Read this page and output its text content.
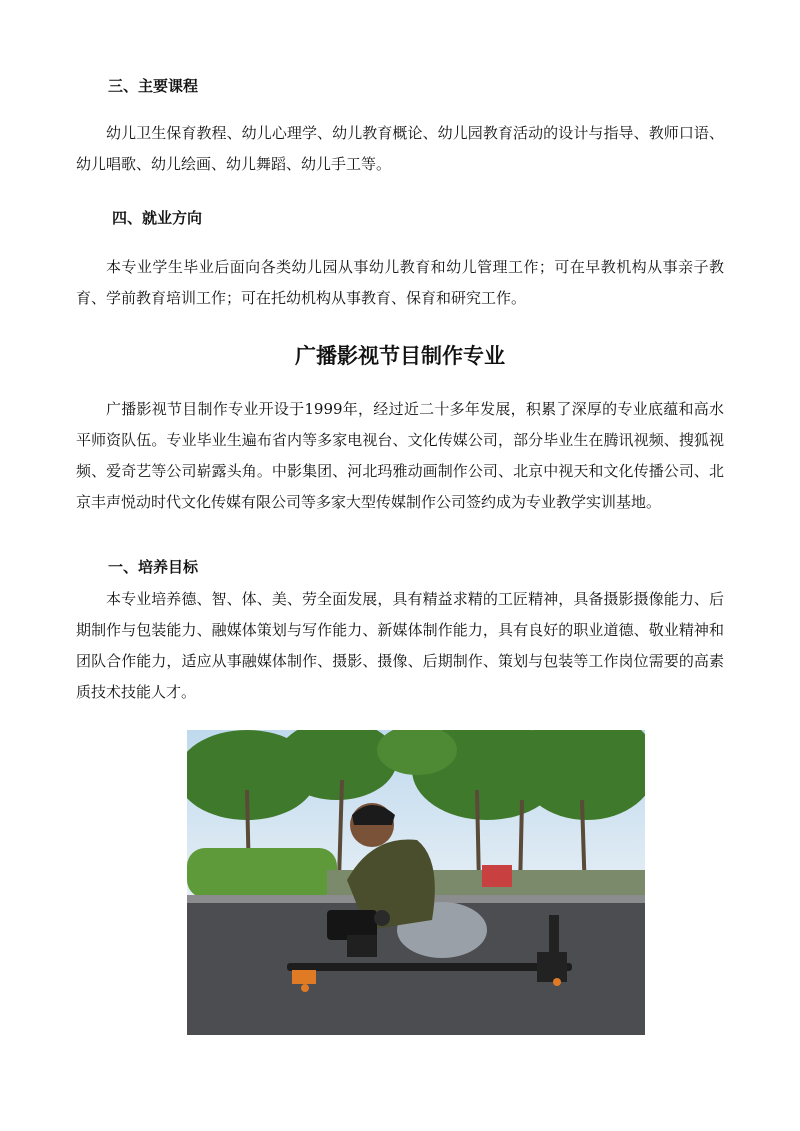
三、主要课程

幼儿卫生保育教程、幼儿心理学、幼儿教育概论、幼儿园教育活动的设计与指导、教师口语、幼儿唱歌、幼儿绘画、幼儿舞蹈、幼儿手工等。

四、就业方向

本专业学生毕业后面向各类幼儿园从事幼儿教育和幼儿管理工作；可在早教机构从事亲子教育、学前教育培训工作；可在托幼机构从事教育、保育和研究工作。

广播影视节目制作专业

广播影视节目制作专业开设于1999年，经过近二十多年发展，积累了深厚的专业底蕴和高水平师资队伍。专业毕业生遍布省内等多家电视台、文化传媒公司，部分毕业生在腾讯视频、搜狐视频、爱奇艺等公司崭露头角。中影集团、河北玛雅动画制作公司、北京中视天和文化传播公司、北京丰声悦动时代文化传媒有限公司等多家大型传媒制作公司签约成为专业教学实训基地。

一、培养目标

本专业培养德、智、体、美、劳全面发展，具有精益求精的工匠精神，具备摄影摄像能力、后期制作与包装能力、融媒体策划与写作能力、新媒体制作能力，具有良好的职业道德、敬业精神和团队合作能力，适应从事融媒体制作、摄影、摄像、后期制作、策划与包装等工作岗位需要的高素质技术技能人才。
